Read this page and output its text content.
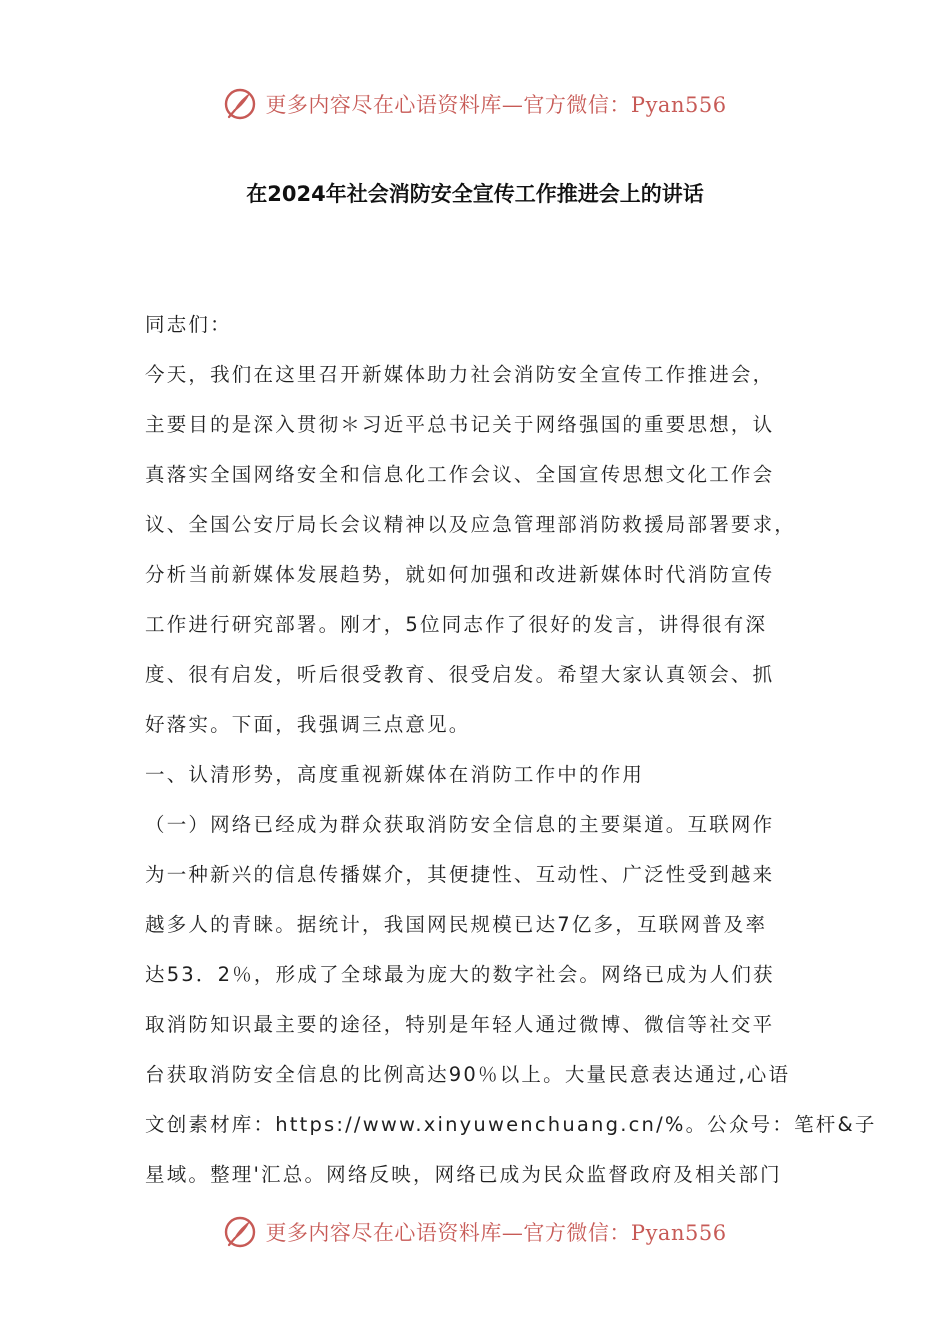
更多内容尽在心语资料库—官方微信：Pyan556
在2024年社会消防安全宣传工作推进会上的讲话
同志们：
今天，我们在这里召开新媒体助力社会消防安全宣传工作推进会，
主要目的是深入贯彻＊习近平总书记关于网络强国的重要思想，认
真落实全国网络安全和信息化工作会议、全国宣传思想文化工作会
议、全国公安厅局长会议精神以及应急管理部消防救援局部署要求，
分析当前新媒体发展趋势，就如何加强和改进新媒体时代消防宣传
工作进行研究部署。刚才，5位同志作了很好的发言，讲得很有深
度、很有启发，听后很受教育、很受启发。希望大家认真领会、抓
好落实。下面，我强调三点意见。
一、认清形势，高度重视新媒体在消防工作中的作用
（一）网络已经成为群众获取消防安全信息的主要渠道。互联网作
为一种新兴的信息传播媒介，其便捷性、互动性、广泛性受到越来
越多人的青睐。据统计，我国网民规模已达7亿多，互联网普及率
达53．2％，形成了全球最为庞大的数字社会。网络已成为人们获
取消防知识最主要的途径，特别是年轻人通过微博、微信等社交平
台获取消防安全信息的比例高达90％以上。大量民意表达通过,心语
文创素材库：https://www.xinyuwenchuang.cn/%。公众号：笔杆&子
星域。整理'汇总。网络反映，网络已成为民众监督政府及相关部门
更多内容尽在心语资料库—官方微信：Pyan556
